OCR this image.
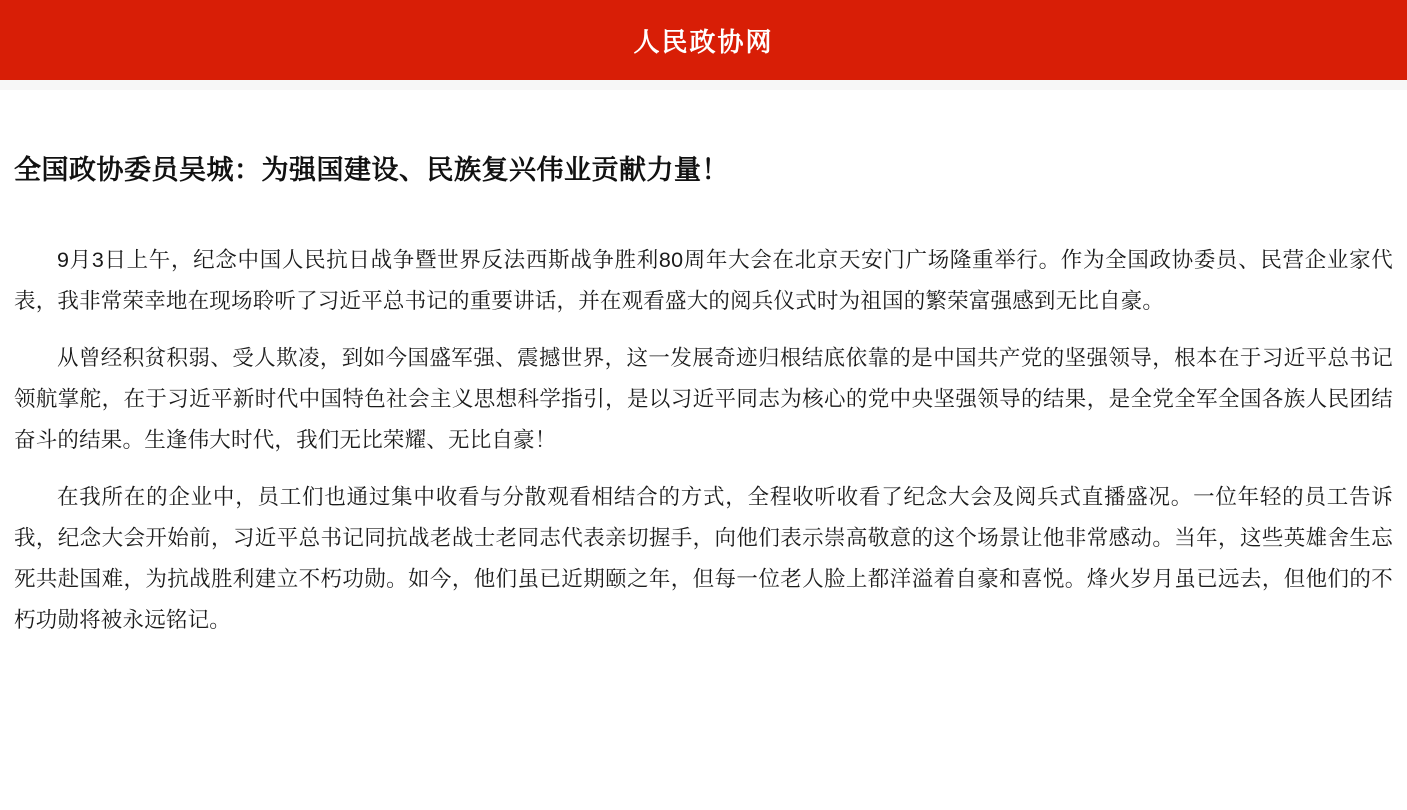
人民政协网
全国政协委员吴城：为强国建设、民族复兴伟业贡献力量！

9月3日上午，纪念中国人民抗日战争暨世界反法西斯战争胜利80周年大会在北京天安门广场隆重举行。作为全国政协委员、民营企业家代表，我非常荣幸地在现场聆听了习近平总书记的重要讲话，并在观看盛大的阅兵仪式时为祖国的繁荣富强感到无比自豪。

从曾经积贫积弱、受人欺凌，到如今国盛军强、震撼世界，这一发展奇迹归根结底依靠的是中国共产党的坚强领导，根本在于习近平总书记领航掌舵，在于习近平新时代中国特色社会主义思想科学指引，是以习近平同志为核心的党中央坚强领导的结果，是全党全军全国各族人民团结奋斗的结果。生逢伟大时代，我们无比荣耀、无比自豪！

在我所在的企业中，员工们也通过集中收看与分散观看相结合的方式，全程收听收看了纪念大会及阅兵式直播盛况。一位年轻的员工告诉我，纪念大会开始前，习近平总书记同抗战老战士老同志代表亲切握手，向他们表示崇高敬意的这个场景让他非常感动。当年，这些英雄舍生忘死共赴国难，为抗战胜利建立不朽功勋。如今，他们虽已近期颐之年，但每一位老人脸上都洋溢着自豪和喜悦。烽火岁月虽已远去，但他们的不朽功勋将被永远铭记。
